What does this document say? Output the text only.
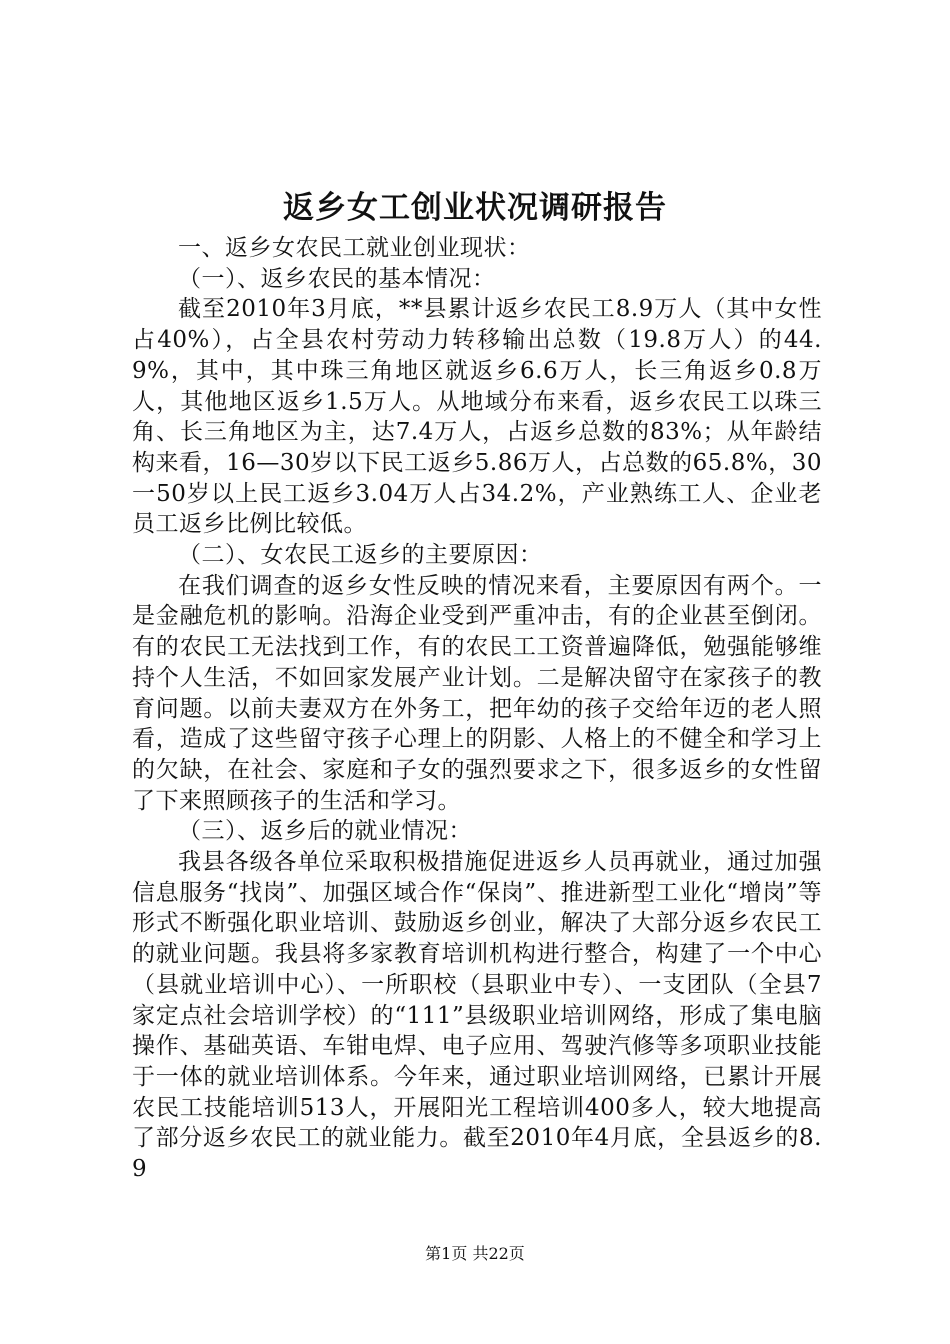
返乡女工创业状况调研报告

一、返乡女农民工就业创业现状：

（一）、返乡农民的基本情况：

截至2010年3月底，**县累计返乡农民工8.9万人（其中女性占40%），占全县农村劳动力转移输出总数（19.8万人）的44.9%，其中，其中珠三角地区就返乡6.6万人，长三角返乡0.8万人，其他地区返乡1.5万人。从地域分布来看，返乡农民工以珠三角、长三角地区为主，达7.4万人，占返乡总数的83%；从年龄结构来看，16—30岁以下民工返乡5.86万人，占总数的65.8%，30一50岁以上民工返乡3.04万人占34.2%，产业熟练工人、企业老员工返乡比例比较低。

（二）、女农民工返乡的主要原因：

在我们调查的返乡女性反映的情况来看，主要原因有两个。一是金融危机的影响。沿海企业受到严重冲击，有的企业甚至倒闭。有的农民工无法找到工作，有的农民工工资普遍降低，勉强能够维持个人生活，不如回家发展产业计划。二是解决留守在家孩子的教育问题。以前夫妻双方在外务工，把年幼的孩子交给年迈的老人照看，造成了这些留守孩子心理上的阴影、人格上的不健全和学习上的欠缺，在社会、家庭和子女的强烈要求之下，很多返乡的女性留了下来照顾孩子的生活和学习。

（三）、返乡后的就业情况：

我县各级各单位采取积极措施促进返乡人员再就业，通过加强信息服务“找岗”、加强区域合作“保岗”、推进新型工业化“增岗”等形式不断强化职业培训、鼓励返乡创业，解决了大部分返乡农民工的就业问题。我县将多家教育培训机构进行整合，构建了一个中心（县就业培训中心）、一所职校（县职业中专）、一支团队（全县7家定点社会培训学校）的“111”县级职业培训网络，形成了集电脑操作、基础英语、车钳电焊、电子应用、驾驶汽修等多项职业技能于一体的就业培训体系。今年来，通过职业培训网络，已累计开展农民工技能培训513人，开展阳光工程培训400多人，较大地提高了部分返乡农民工的就业能力。截至2010年4月底，全县返乡的8.9

第1页 共22页
